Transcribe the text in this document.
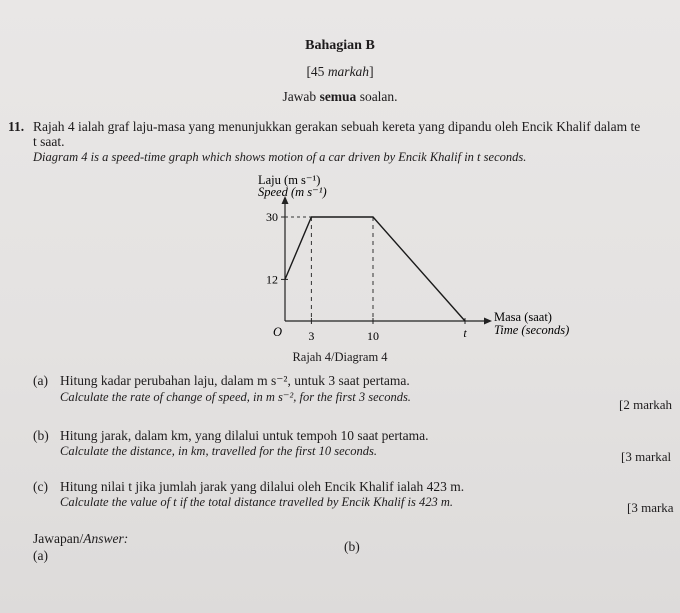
Bahagian B
[45 markah]
Jawab semua soalan.
11. Rajah 4 ialah graf laju-masa yang menunjukkan gerakan sebuah kereta yang dipandu oleh Encik Khalif dalam te
t saat.
Diagram 4 is a speed-time graph which shows motion of a car driven by Encik Khalif in t seconds.
Laju (m s⁻¹)
Speed (m s⁻¹)
Masa (saat)
Time (seconds)
O 3	10	t
30
12
Rajah 4/Diagram 4
(a) Hitung kadar perubahan laju, dalam m s⁻², untuk 3 saat pertama.
Calculate the rate of change of speed, in m s⁻², for the first 3 seconds.	[2 markah
(b) Hitung jarak, dalam km, yang dilalui untuk tempoh 10 saat pertama.
Calculate the distance, in km, travelled for the first 10 seconds.	[3 markal
(c) Hitung nilai t jika jumlah jarak yang dilalui oleh Encik Khalif ialah 423 m.
Calculate the value of t if the total distance travelled by Encik Khalif is 423 m.	[3 marka
Jawapan/Answer:
(a)
(b)
